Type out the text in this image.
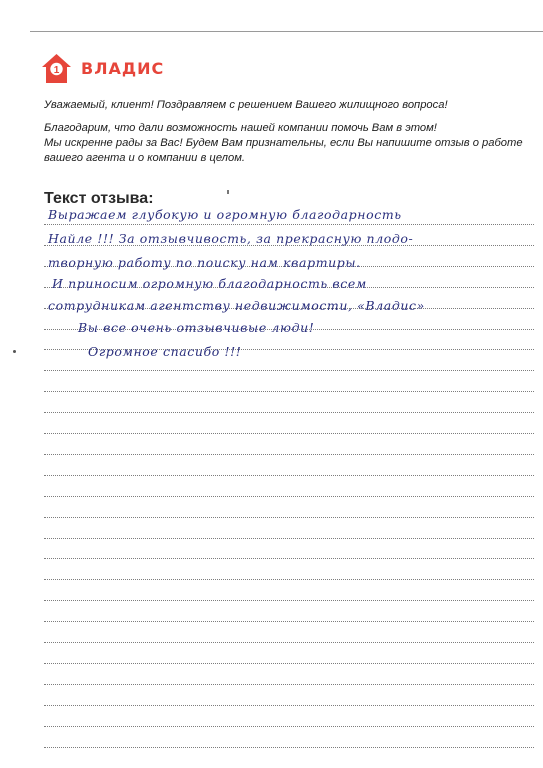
1 ВЛАДИС

Уважаемый, клиент! Поздравляем с решением Вашего жилищного вопроса!

Благодарим, что дали возможность нашей компании помочь Вам в этом!
Мы искренне рады за Вас! Будем Вам признательны, если Вы напишите отзыв о работе вашего агента и о компании в целом.

Текст отзыва:
Выражаем глубокую и огромную благодарность
Найле !!! За отзывчивость, за прекрасную плодо-
творную работу по поиску нам квартиры.
И приносим огромную благодарность всем
сотрудникам агентству недвижимости, «Владис»
Вы все очень отзывчивые люди!
Огромное спасибо !!!
